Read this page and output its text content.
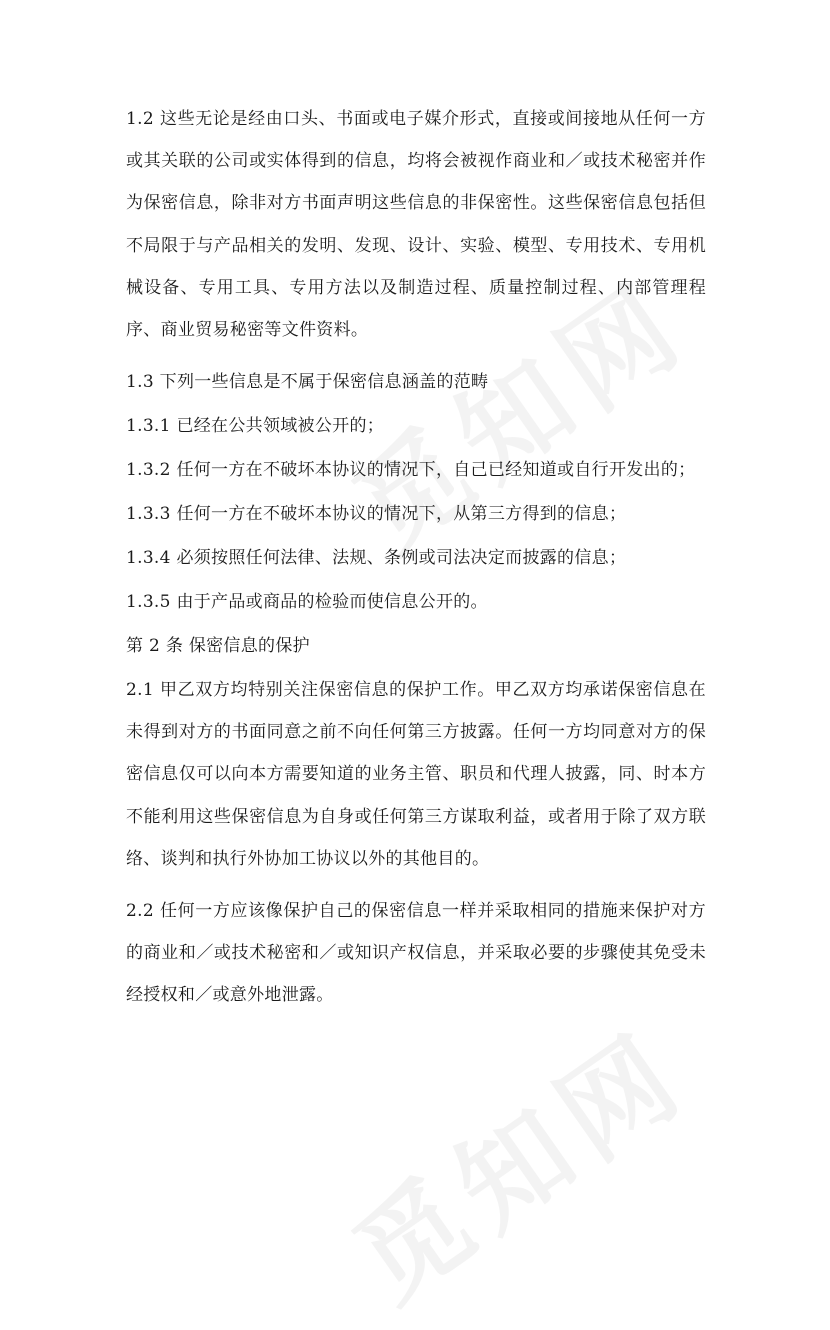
1.2 这些无论是经由口头、书面或电子媒介形式，直接或间接地从任何一方或其关联的公司或实体得到的信息，均将会被视作商业和／或技术秘密并作为保密信息，除非对方书面声明这些信息的非保密性。这些保密信息包括但不局限于与产品相关的发明、发现、设计、实验、模型、专用技术、专用机械设备、专用工具、专用方法以及制造过程、质量控制过程、内部管理程序、商业贸易秘密等文件资料。

1.3 下列一些信息是不属于保密信息涵盖的范畴

1.3.1 已经在公共领域被公开的；

1.3.2 任何一方在不破坏本协议的情况下，自己已经知道或自行开发出的；

1.3.3 任何一方在不破坏本协议的情况下，从第三方得到的信息；

1.3.4 必须按照任何法律、法规、条例或司法决定而披露的信息；

1.3.5 由于产品或商品的检验而使信息公开的。

第 2 条 保密信息的保护

2.1 甲乙双方均特别关注保密信息的保护工作。甲乙双方均承诺保密信息在未得到对方的书面同意之前不向任何第三方披露。任何一方均同意对方的保密信息仅可以向本方需要知道的业务主管、职员和代理人披露，同、时本方不能利用这些保密信息为自身或任何第三方谋取利益，或者用于除了双方联络、谈判和执行外协加工协议以外的其他目的。

2.2 任何一方应该像保护自己的保密信息一样并采取相同的措施来保护对方的商业和／或技术秘密和／或知识产权信息，并采取必要的步骤使其免受未经授权和／或意外地泄露。
